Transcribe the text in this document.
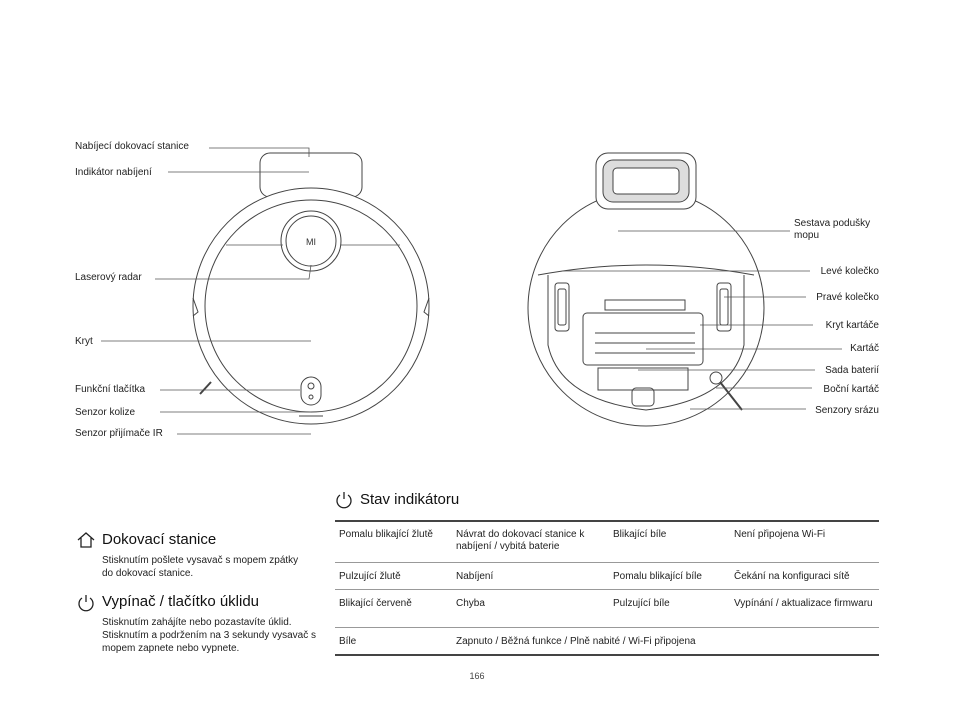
MI
Nabíjecí dokovací stanice
Indikátor nabíjení
Laserový radar
Kryt
Funkční tlačítka
Senzor kolize
Senzor přijímače IR
Sestava podušky mopu
Levé kolečko
Pravé kolečko
Kryt kartáče
Kartáč
Sada baterií
Boční kartáč
Senzory srázu
Dokovací stanice
Stisknutím pošlete vysavač s mopem zpátky do dokovací stanice.
Vypínač / tlačítko úklidu
Stisknutím zahájíte nebo pozastavíte úklid. Stisknutím a podržením na 3 sekundy vysavač s mopem zapnete nebo vypnete.
Stav indikátoru
Pomalu blikající žlutě	Návrat do dokovací stanice k nabíjení / vybitá baterie	Blikající bíle	Není připojena Wi-Fi
Pulzující žlutě	Nabíjení	Pomalu blikající bíle	Čekání na konfiguraci sítě
Blikající červeně	Chyba	Pulzující bíle	Vypínání / aktualizace firmwaru
Bíle	Zapnuto / Běžná funkce / Plně nabité / Wi-Fi připojena		
166
